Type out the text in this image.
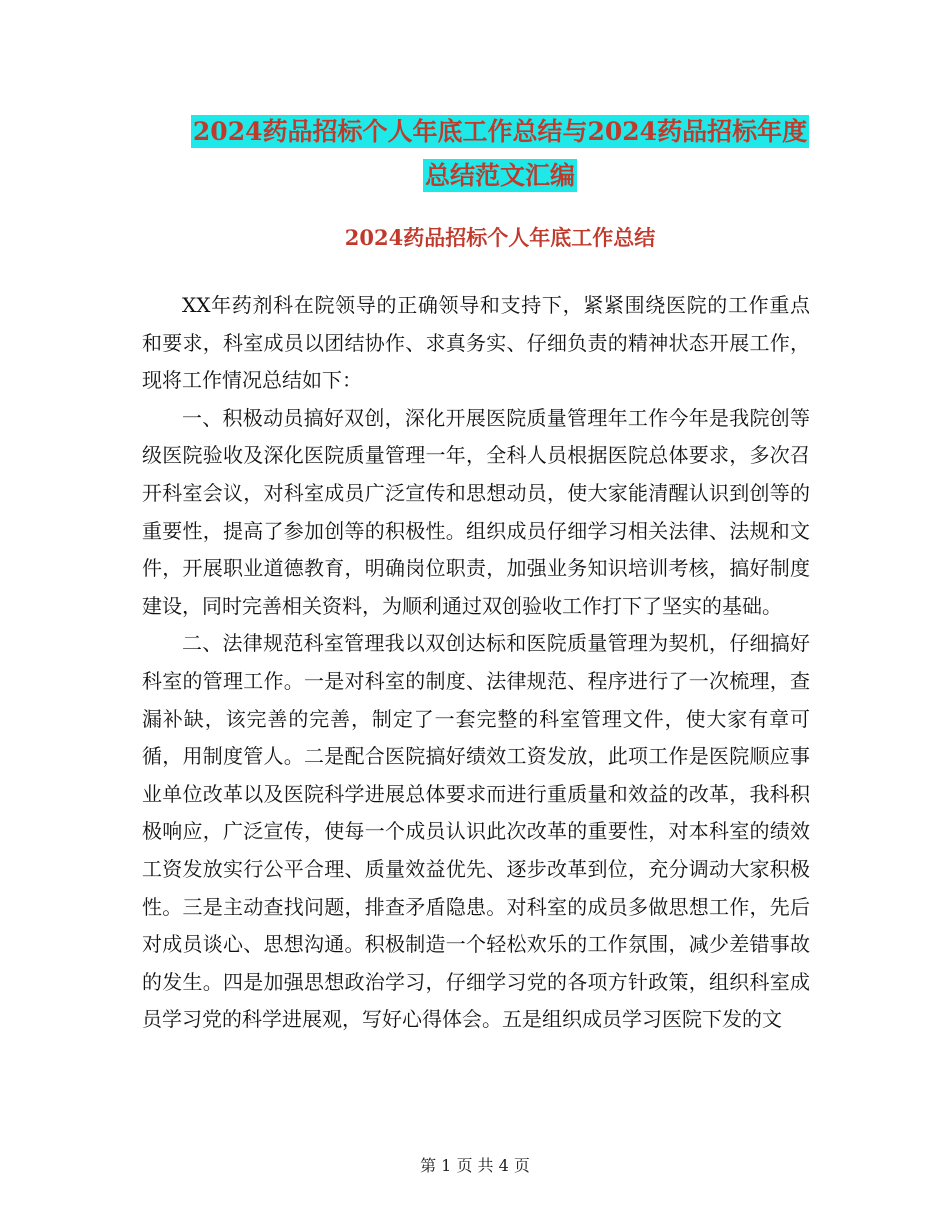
2024药品招标个人年底工作总结与2024药品招标年度
总结范文汇编
2024药品招标个人年底工作总结

XX年药剂科在院领导的正确领导和支持下，紧紧围绕医院的工作重点和要求，科室成员以团结协作、求真务实、仔细负责的精神状态开展工作，现将工作情况总结如下：

一、积极动员搞好双创，深化开展医院质量管理年工作今年是我院创等级医院验收及深化医院质量管理一年，全科人员根据医院总体要求，多次召开科室会议，对科室成员广泛宣传和思想动员，使大家能清醒认识到创等的重要性，提高了参加创等的积极性。组织成员仔细学习相关法律、法规和文件，开展职业道德教育，明确岗位职责，加强业务知识培训考核，搞好制度建设，同时完善相关资料，为顺利通过双创验收工作打下了坚实的基础。

二、法律规范科室管理我以双创达标和医院质量管理为契机，仔细搞好科室的管理工作。一是对科室的制度、法律规范、程序进行了一次梳理，查漏补缺，该完善的完善，制定了一套完整的科室管理文件，使大家有章可循，用制度管人。二是配合医院搞好绩效工资发放，此项工作是医院顺应事业单位改革以及医院科学进展总体要求而进行重质量和效益的改革，我科积极响应，广泛宣传，使每一个成员认识此次改革的重要性，对本科室的绩效工资发放实行公平合理、质量效益优先、逐步改革到位，充分调动大家积极性。三是主动查找问题，排查矛盾隐患。对科室的成员多做思想工作，先后对成员谈心、思想沟通。积极制造一个轻松欢乐的工作氛围，减少差错事故的发生。四是加强思想政治学习，仔细学习党的各项方针政策，组织科室成员学习党的科学进展观，写好心得体会。五是组织成员学习医院下发的文

第 1 页 共 4 页
